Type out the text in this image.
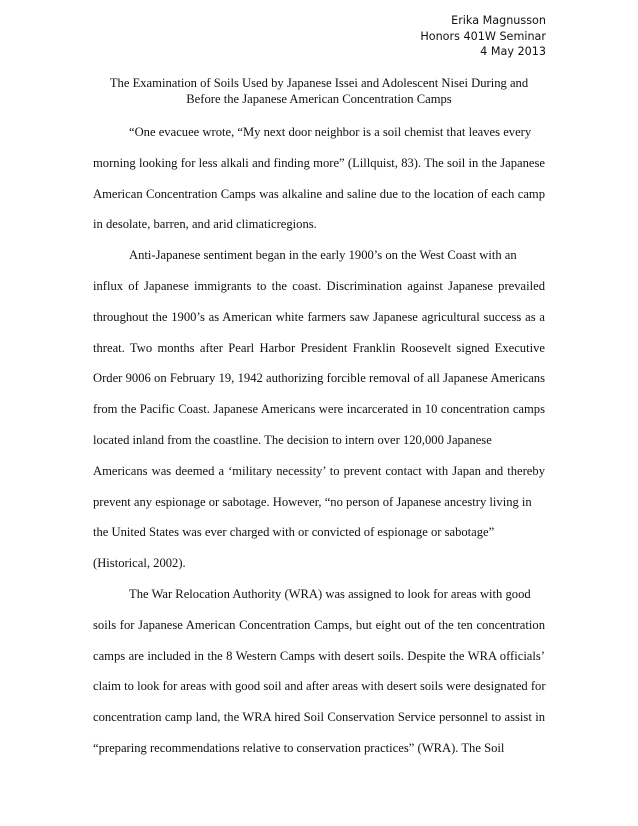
Erika Magnusson
Honors 401W Seminar
4 May 2013
The Examination of Soils Used by Japanese Issei and Adolescent Nisei During and
Before the Japanese American Concentration Camps
“One evacuee wrote, “My next door neighbor is a soil chemist that leaves every
morning looking for less alkali and finding more” (Lillquist, 83). The soil in the Japanese
American Concentration Camps was alkaline and saline due to the location of each camp
in desolate, barren, and arid climaticregions.
Anti-Japanese sentiment began in the early 1900’s on the West Coast with an
influx of Japanese immigrants to the coast. Discrimination against Japanese prevailed
throughout the 1900’s as American white farmers saw Japanese agricultural success as a
threat. Two months after Pearl Harbor President Franklin Roosevelt signed Executive
Order 9006 on February 19, 1942 authorizing forcible removal of all Japanese Americans
from the Pacific Coast. Japanese Americans were incarcerated in 10 concentration camps
located inland from the coastline. The decision to intern over 120,000 Japanese
Americans was deemed a ‘military necessity’ to prevent contact with Japan and thereby
prevent any espionage or sabotage. However, “no person of Japanese ancestry living in
the United States was ever charged with or convicted of espionage or sabotage”
(Historical, 2002).
The War Relocation Authority (WRA) was assigned to look for areas with good
soils for Japanese American Concentration Camps, but eight out of the ten concentration
camps are included in the 8 Western Camps with desert soils. Despite the WRA officials’
claim to look for areas with good soil and after areas with desert soils were designated for
concentration camp land, the WRA hired Soil Conservation Service personnel to assist in
“preparing recommendations relative to conservation practices” (WRA). The Soil
